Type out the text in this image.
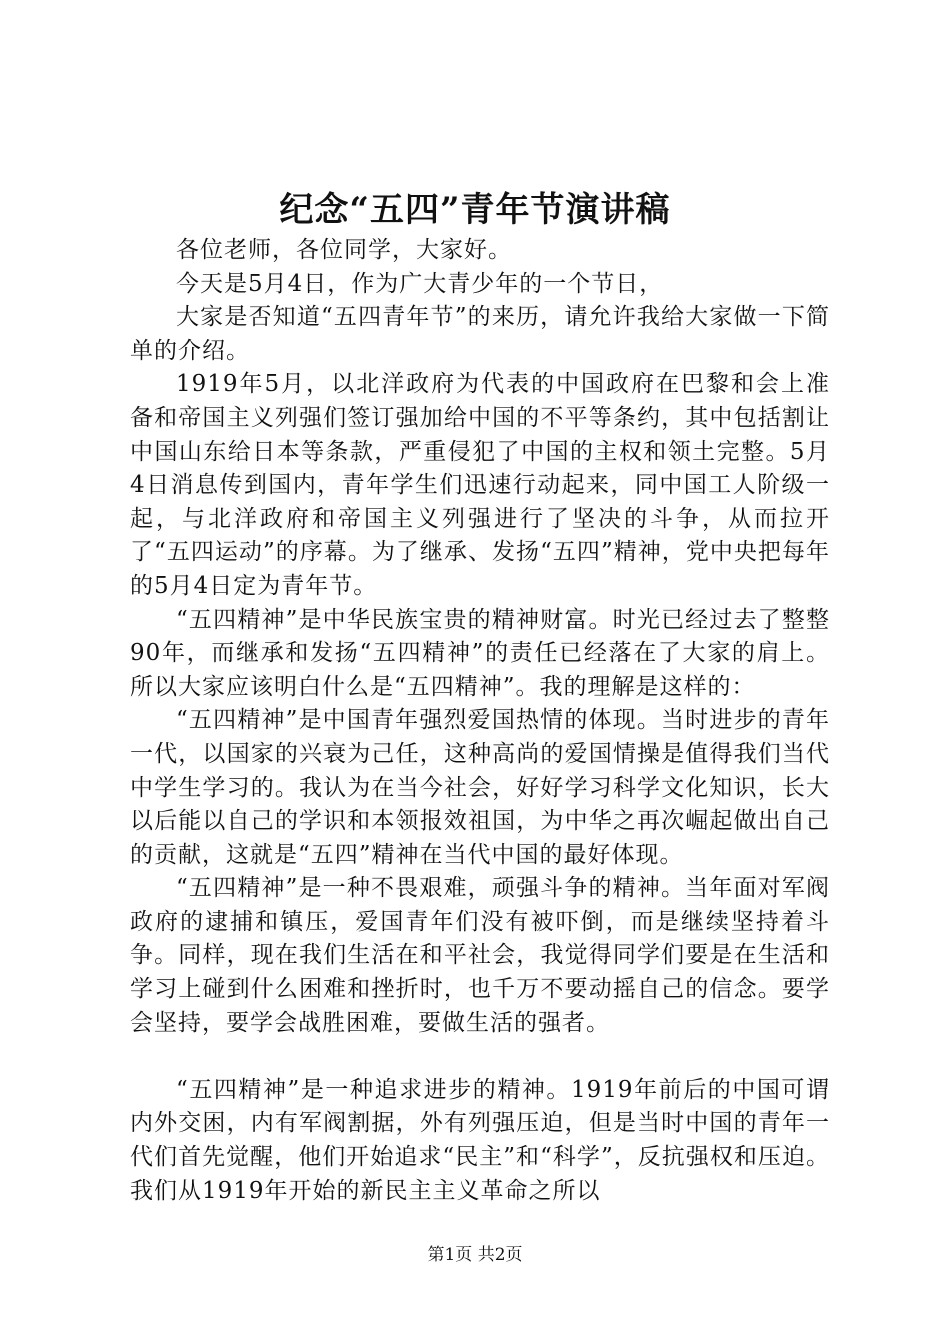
纪念“五四”青年节演讲稿

各位老师，各位同学，大家好。

今天是5月4日，作为广大青少年的一个节日，

大家是否知道“五四青年节”的来历，请允许我给大家做一下简单的介绍。

1919年5月，以北洋政府为代表的中国政府在巴黎和会上准备和帝国主义列强们签订强加给中国的不平等条约，其中包括割让中国山东给日本等条款，严重侵犯了中国的主权和领土完整。5月4日消息传到国内，青年学生们迅速行动起来，同中国工人阶级一起，与北洋政府和帝国主义列强进行了坚决的斗争，从而拉开了“五四运动”的序幕。为了继承、发扬“五四”精神，党中央把每年的5月4日定为青年节。

“五四精神”是中华民族宝贵的精神财富。时光已经过去了整整90年，而继承和发扬“五四精神”的责任已经落在了大家的肩上。所以大家应该明白什么是“五四精神”。我的理解是这样的：

“五四精神”是中国青年强烈爱国热情的体现。当时进步的青年一代，以国家的兴衰为己任，这种高尚的爱国情操是值得我们当代中学生学习的。我认为在当今社会，好好学习科学文化知识，长大以后能以自己的学识和本领报效祖国，为中华之再次崛起做出自己的贡献，这就是“五四”精神在当代中国的最好体现。

“五四精神”是一种不畏艰难，顽强斗争的精神。当年面对军阀政府的逮捕和镇压，爱国青年们没有被吓倒，而是继续坚持着斗争。同样，现在我们生活在和平社会，我觉得同学们要是在生活和学习上碰到什么困难和挫折时，也千万不要动摇自己的信念。要学会坚持，要学会战胜困难，要做生活的强者。

“五四精神”是一种追求进步的精神。1919年前后的中国可谓内外交困，内有军阀割据，外有列强压迫，但是当时中国的青年一代们首先觉醒，他们开始追求“民主”和“科学”，反抗强权和压迫。我们从1919年开始的新民主主义革命之所以

第1页 共2页
